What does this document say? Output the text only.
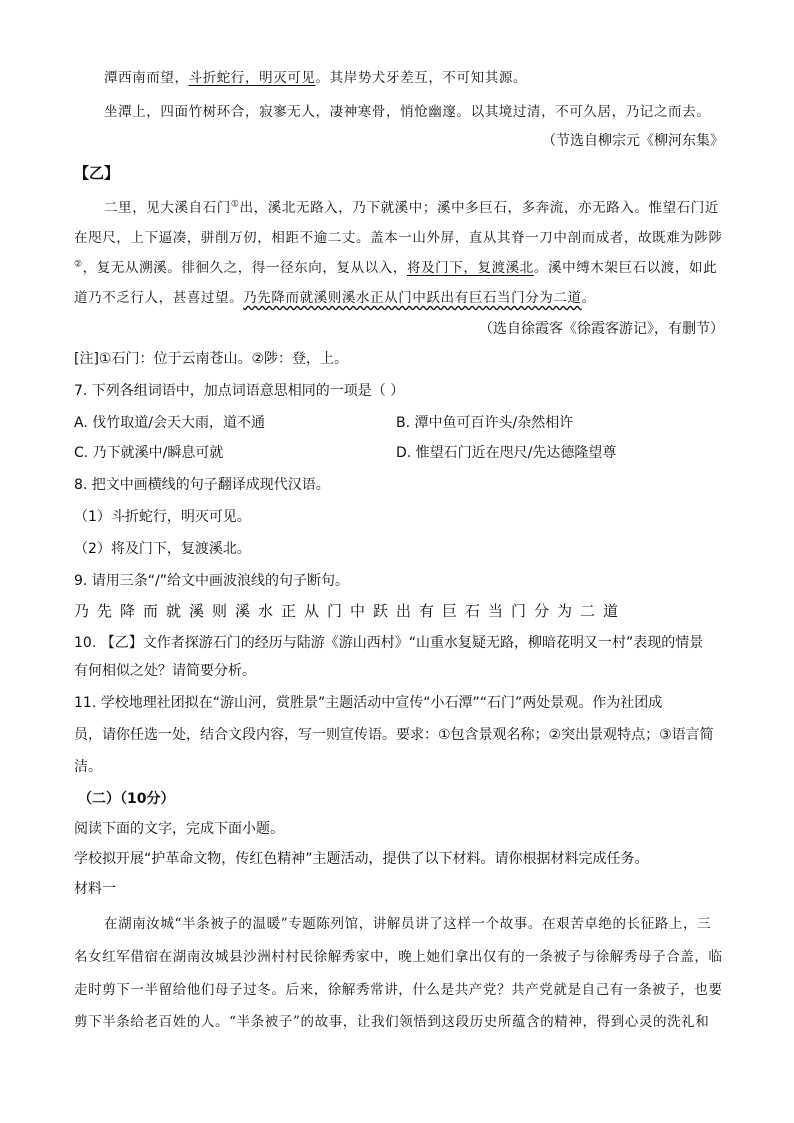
潭西南而望，斗折蛇行，明灭可见。其岸势犬牙差互，不可知其源。
坐潭上，四面竹树环合，寂寥无人，凄神寒骨，悄怆幽邃。以其境过清，不可久居，乃记之而去。
（节选自柳宗元《柳河东集》
【乙】
二里，见大溪自石门①出，溪北无路入，乃下就溪中；溪中多巨石，多奔流，亦无路入。惟望石门近
在咫尺，上下逼凑，骈削万仞，相距不逾二丈。盖本一山外屏，直从其脊一刀中剖而成者，故既难为陟陟
②，复无从溯溪。徘徊久之，得一径东向，复从以入，将及门下，复渡溪北。溪中缚木架巨石以渡，如此
道乃不乏行人，甚喜过望。乃先降而就溪则溪水正从门中跃出有巨石当门分为二道。
（选自徐霞客《徐霞客游记》，有删节）
[注]①石门：位于云南苍山。②陟：登，上。
7. 下列各组词语中，加点词语意思相同的一项是（ ）
A. 伐竹取道/会天大雨，道不通	B. 潭中鱼可百许头/杂然相许
C. 乃下就溪中/瞬息可就	D. 惟望石门近在咫尺/先达德隆望尊
8. 把文中画横线的句子翻译成现代汉语。
（1）斗折蛇行，明灭可见。
（2）将及门下，复渡溪北。
9. 请用三条“/”给文中画波浪线的句子断句。
乃先降而就溪则溪水正从门中跃出有巨石当门分为二道
10. 【乙】文作者探游石门的经历与陆游《游山西村》“山重水复疑无路，柳暗花明又一村”表现的情景
有何相似之处？请简要分析。
11. 学校地理社团拟在“游山河，赏胜景”主题活动中宣传“小石潭”“石门”两处景观。作为社团成
员，请你任选一处，结合文段内容，写一则宣传语。要求：①包含景观名称；②突出景观特点；③语言简
洁。
（二）（10分）
阅读下面的文字，完成下面小题。
学校拟开展“护革命文物，传红色精神”主题活动，提供了以下材料。请你根据材料完成任务。
材料一
在湖南汝城“半条被子的温暖”专题陈列馆，讲解员讲了这样一个故事。在艰苦卓绝的长征路上，三
名女红军借宿在湖南汝城县沙洲村村民徐解秀家中，晚上她们拿出仅有的一条被子与徐解秀母子合盖，临
走时剪下一半留给他们母子过冬。后来，徐解秀常讲，什么是共产党？共产党就是自己有一条被子，也要
剪下半条给老百姓的人。“半条被子”的故事，让我们领悟到这段历史所蕴含的精神，得到心灵的洗礼和
